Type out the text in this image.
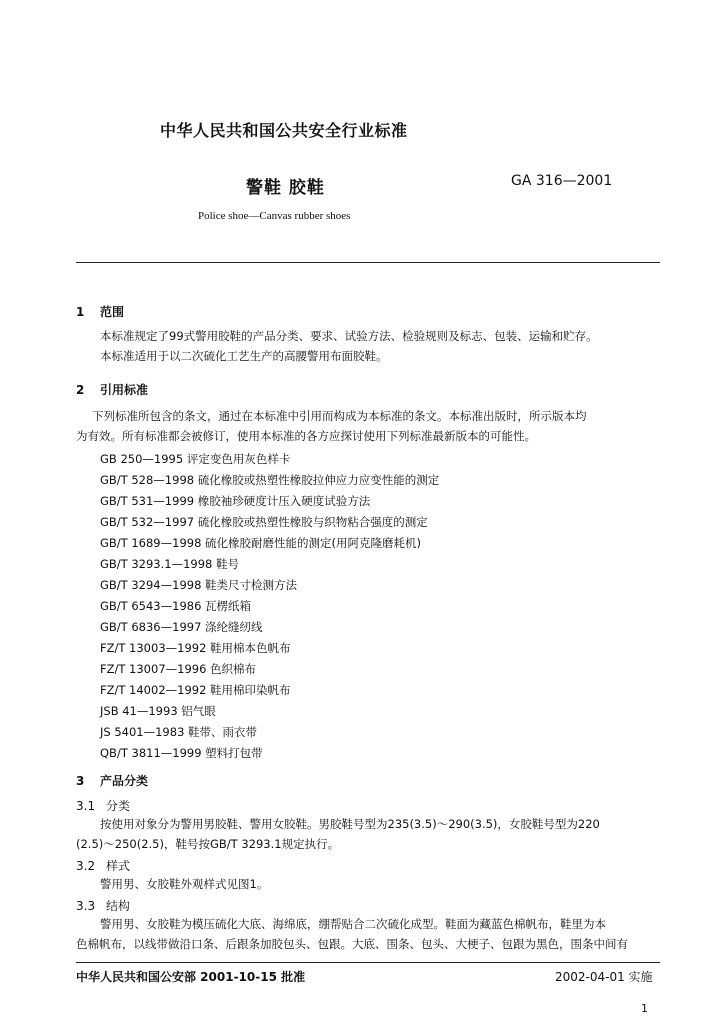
中华人民共和国公共安全行业标准
警鞋 胶鞋	GA 316—2001
Police shoe—Canvas rubber shoes
1 范围
本标准规定了99式警用胶鞋的产品分类、要求、试验方法、检验规则及标志、包装、运输和贮存。
本标准适用于以二次硫化工艺生产的高腰警用布面胶鞋。
2 引用标准
下列标准所包含的条文，通过在本标准中引用而构成为本标准的条文。本标准出版时，所示版本均
为有效。所有标准都会被修订，使用本标准的各方应探讨使用下列标准最新版本的可能性。
GB 250—1995 评定变色用灰色样卡
GB/T 528—1998 硫化橡胶或热塑性橡胶拉伸应力应变性能的测定
GB/T 531—1999 橡胶袖珍硬度计压入硬度试验方法
GB/T 532—1997 硫化橡胶或热塑性橡胶与织物粘合强度的测定
GB/T 1689—1998 硫化橡胶耐磨性能的测定(用阿克隆磨耗机)
GB/T 3293.1—1998 鞋号
GB/T 3294—1998 鞋类尺寸检测方法
GB/T 6543—1986 瓦楞纸箱
GB/T 6836—1997 涤纶缝纫线
FZ/T 13003—1992 鞋用棉本色帆布
FZ/T 13007—1996 色织棉布
FZ/T 14002—1992 鞋用棉印染帆布
JSB 41—1993 铝气眼
JS 5401—1983 鞋带、雨衣带
QB/T 3811—1999 塑料打包带
3 产品分类
3.1 分类
按使用对象分为警用男胶鞋、警用女胶鞋。男胶鞋号型为235(3.5)～290(3.5)，女胶鞋号型为220
(2.5)～250(2.5)，鞋号按GB/T 3293.1规定执行。
3.2 样式
警用男、女胶鞋外观样式见图1。
3.3 结构
警用男、女胶鞋为模压硫化大底、海绵底，绷帮贴合二次硫化成型。鞋面为藏蓝色棉帆布，鞋里为本
色棉帆布，以线带做沿口条、后跟条加胶包头、包跟。大底、围条、包头、大梗子、包跟为黑色，围条中间有
中华人民共和国公安部 2001-10-15 批准	2002-04-01 实施
1
